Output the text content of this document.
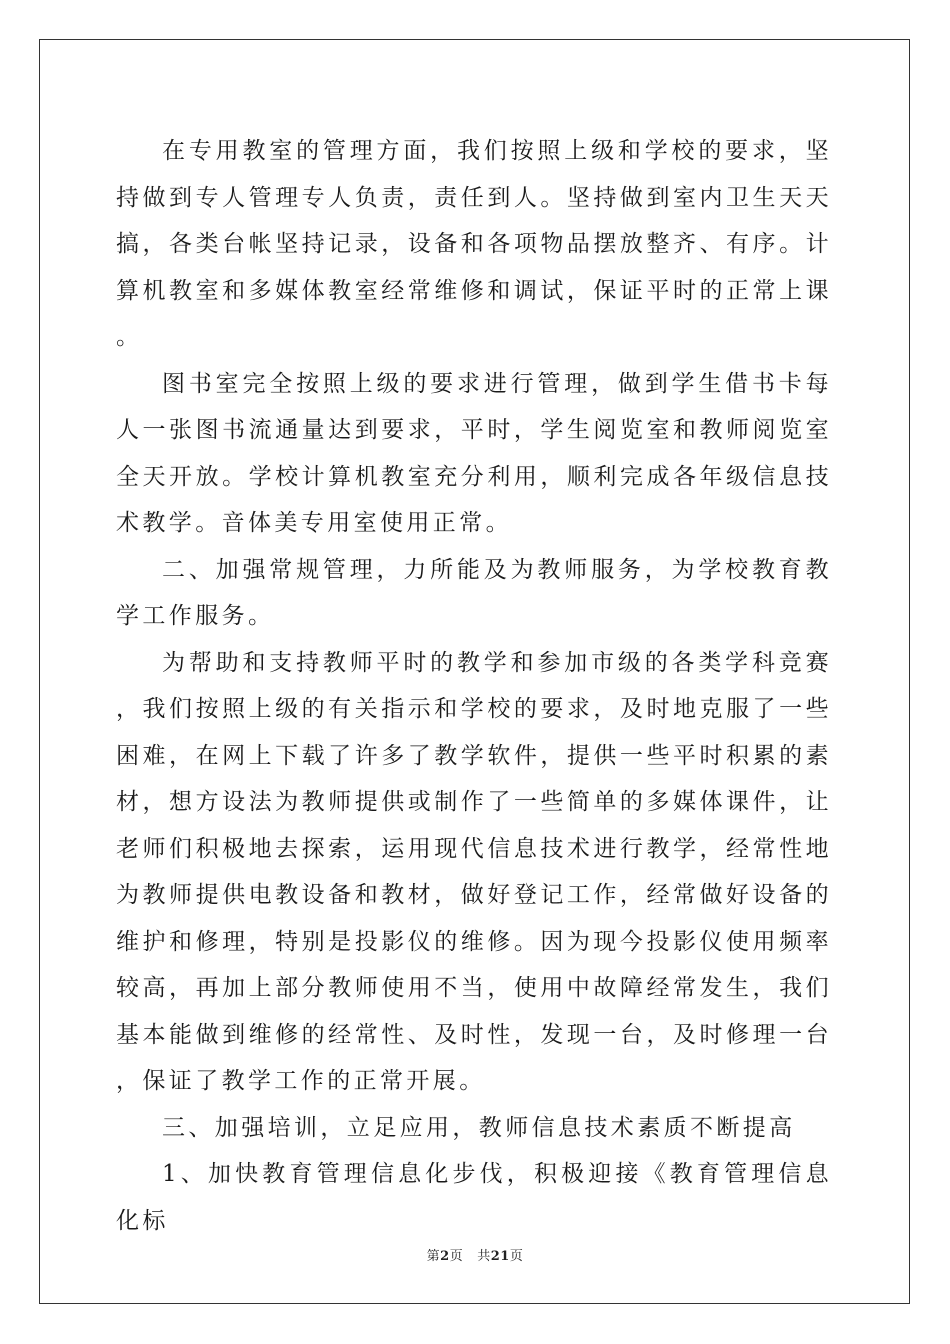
在专用教室的管理方面，我们按照上级和学校的要求，坚持做到专人管理专人负责，责任到人。坚持做到室内卫生天天搞，各类台帐坚持记录，设备和各项物品摆放整齐、有序。计算机教室和多媒体教室经常维修和调试，保证平时的正常上课。

图书室完全按照上级的要求进行管理，做到学生借书卡每人一张图书流通量达到要求，平时，学生阅览室和教师阅览室全天开放。学校计算机教室充分利用，顺利完成各年级信息技术教学。音体美专用室使用正常。

二、加强常规管理，力所能及为教师服务，为学校教育教学工作服务。

为帮助和支持教师平时的教学和参加市级的各类学科竞赛，我们按照上级的有关指示和学校的要求，及时地克服了一些困难，在网上下载了许多了教学软件，提供一些平时积累的素材，想方设法为教师提供或制作了一些简单的多媒体课件，让老师们积极地去探索，运用现代信息技术进行教学，经常性地为教师提供电教设备和教材，做好登记工作，经常做好设备的维护和修理，特别是投影仪的维修。因为现今投影仪使用频率较高，再加上部分教师使用不当，使用中故障经常发生，我们基本能做到维修的经常性、及时性，发现一台，及时修理一台，保证了教学工作的正常开展。

三、加强培训，立足应用，教师信息技术素质不断提高

1、加快教育管理信息化步伐，积极迎接《教育管理信息化标

第2页 共21页
